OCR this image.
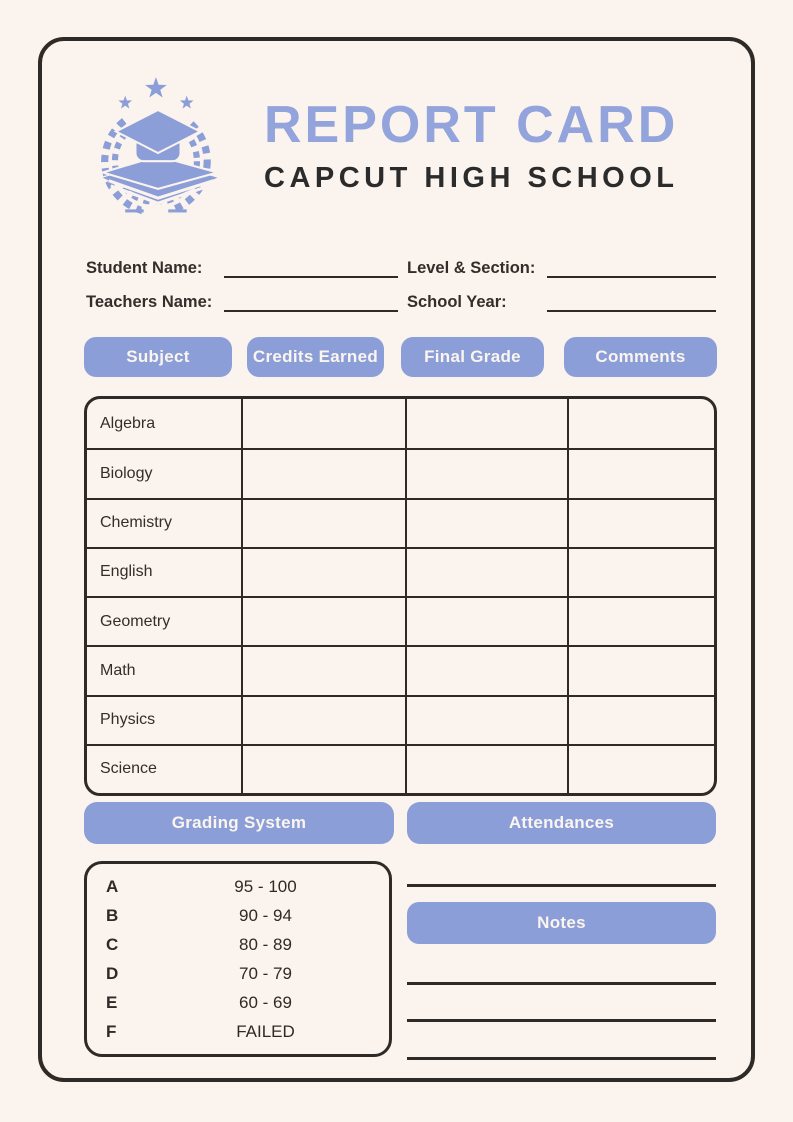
REPORT CARD
CAPCUT HIGH SCHOOL
Student Name:	Level & Section:
Teachers Name:	School Year:
Subject	Credits Earned	Final Grade	Comments
Algebra
Biology
Chemistry
English
Geometry
Math
Physics
Science
Grading System	Attendances
A	95 - 100
B	90 - 94
C	80 - 89
D	70 - 79
E	60 - 69
F	FAILED
Notes
